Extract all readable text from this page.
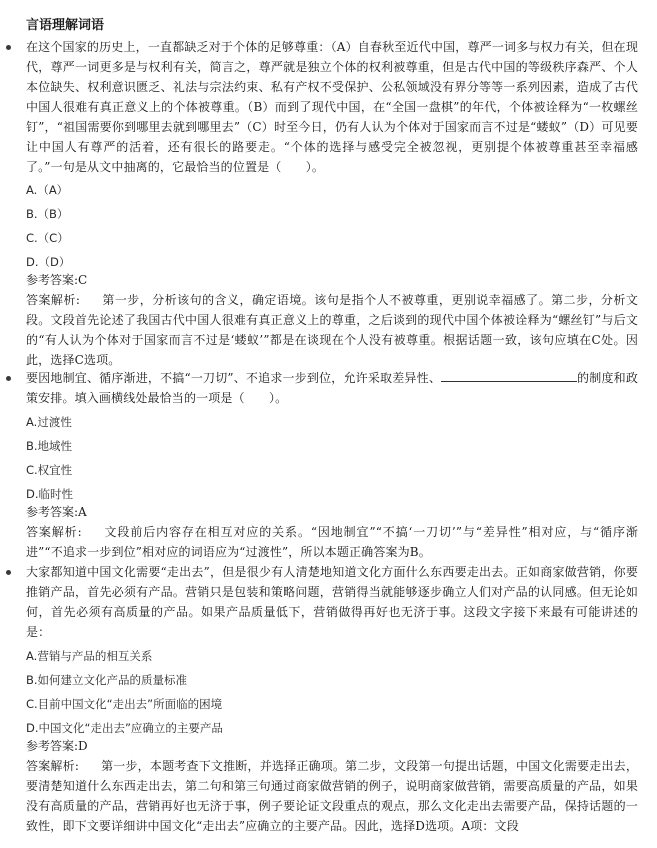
言语理解词语

在这个国家的历史上，一直都缺乏对于个体的足够尊重：（A）自春秋至近代中国，尊严一词多与权力有关，但在现代，尊严一词更多是与权利有关，简言之，尊严就是独立个体的权利被尊重，但是古代中国的等级秩序森严、个人本位缺失、权利意识匮乏、礼法与宗法约束、私有产权不受保护、公私领域没有界分等等一系列因素，造成了古代中国人很难有真正意义上的个体被尊重。（B）而到了现代中国，在“全国一盘棋”的年代，个体被诠释为“一枚螺丝钉”，“祖国需要你到哪里去就到哪里去”（C）时至今日，仍有人认为个体对于国家而言不过是“蝼蚁”（D）可见要让中国人有尊严的活着，还有很长的路要走。“个体的选择与感受完全被忽视，更别提个体被尊重甚至幸福感了。”一句是从文中抽离的，它最恰当的位置是（　　）。

A.（A）
B.（B）
C.（C）
D.（D）
参考答案:C

答案解析: 第一步，分析该句的含义，确定语境。该句是指个人不被尊重，更别说幸福感了。第二步，分析文段。文段首先论述了我国古代中国人很难有真正意义上的尊重，之后谈到的现代中国个体被诠释为“螺丝钉”与后文的“有人认为个体对于国家而言不过是‘蝼蚁’”都是在谈现在个人没有被尊重。根据话题一致，该句应填在C处。因此，选择C选项。

要因地制宜、循序渐进，不搞“一刀切”、不追求一步到位，允许采取差异性、	的制度和政策安排。填入画横线处最恰当的一项是（　　）。

A.过渡性
B.地域性
C.权宜性
D.临时性
参考答案:A

答案解析: 文段前后内容存在相互对应的关系。“因地制宜”“不搞‘一刀切’”与“差异性”相对应，与“循序渐进”“不追求一步到位”相对应的词语应为“过渡性”，所以本题正确答案为B。

大家都知道中国文化需要“走出去”，但是很少有人清楚地知道文化方面什么东西要走出去。正如商家做营销，你要推销产品，首先必须有产品。营销只是包装和策略问题，营销得当就能够逐步确立人们对产品的认同感。但无论如何，首先必须有高质量的产品。如果产品质量低下，营销做得再好也无济于事。这段文字接下来最有可能讲述的是：

A.营销与产品的相互关系
B.如何建立文化产品的质量标准
C.目前中国文化“走出去”所面临的困境
D.中国文化“走出去”应确立的主要产品
参考答案:D

答案解析: 第一步，本题考查下文推断，并选择正确项。第二步，文段第一句提出话题，中国文化需要走出去，要清楚知道什么东西走出去，第二句和第三句通过商家做营销的例子，说明商家做营销，需要高质量的产品，如果没有高质量的产品，营销再好也无济于事，例子要论证文段重点的观点，那么文化走出去需要产品，保持话题的一致性，即下文要详细讲中国文化“走出去”应确立的主要产品。因此，选择D选项。A项：文段
